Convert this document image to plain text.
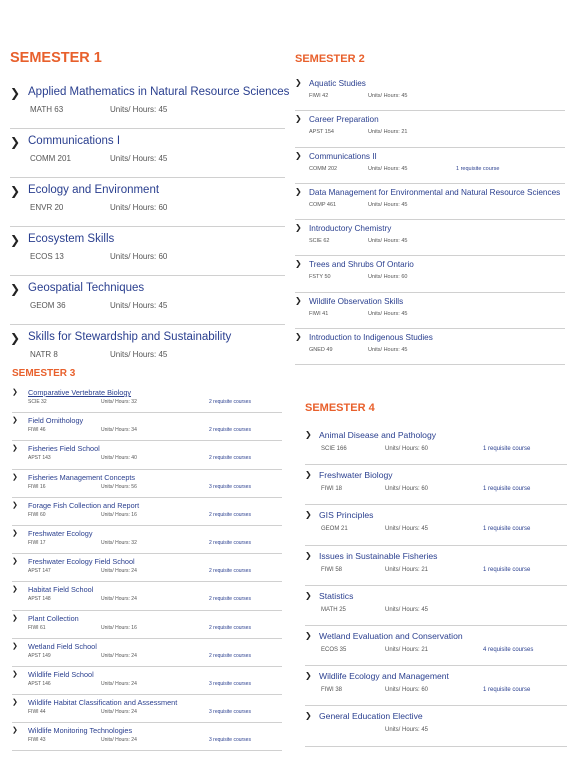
SEMESTER 1
❯ Applied Mathematics in Natural Resource Sciences
MATH 63	Units/ Hours: 45
❯ Communications I
COMM 201	Units/ Hours: 45
❯ Ecology and Environment
ENVR 20	Units/ Hours: 60
❯ Ecosystem Skills
ECOS 13	Units/ Hours: 60
❯ Geospatial Techniques
GEOM 36	Units/ Hours: 45
❯ Skills for Stewardship and Sustainability
NATR 8	Units/ Hours: 45
SEMESTER 2
❯ Aquatic Studies
FIWI 42	Units/ Hours: 45
❯ Career Preparation
APST 154	Units/ Hours: 21
❯ Communications II
COMM 202	Units/ Hours: 45	1 requisite course
❯ Data Management for Environmental and Natural Resource Sciences
COMP 461	Units/ Hours: 45
❯ Introductory Chemistry
SCIE 62	Units/ Hours: 45
❯ Trees and Shrubs Of Ontario
FSTY 50	Units/ Hours: 60
❯ Wildlife Observation Skills
FIWI 41	Units/ Hours: 45
❯ Introduction to Indigenous Studies
GNED 49	Units/ Hours: 45
SEMESTER 3
❯ Comparative Vertebrate Biology
SCIE 32	Units/ Hours: 32	2 requisite courses
❯ Field Ornithology
FIWI 46	Units/ Hours: 34	2 requisite courses
❯ Fisheries Field School
APST 143	Units/ Hours: 40	2 requisite courses
❯ Fisheries Management Concepts
FIWI 16	Units/ Hours: 56	3 requisite courses
❯ Forage Fish Collection and Report
FIWI 60	Units/ Hours: 16	2 requisite courses
❯ Freshwater Ecology
FIWI 17	Units/ Hours: 32	2 requisite courses
❯ Freshwater Ecology Field School
APST 147	Units/ Hours: 24	2 requisite courses
❯ Habitat Field School
APST 148	Units/ Hours: 24	2 requisite courses
❯ Plant Collection
FIWI 61	Units/ Hours: 16	2 requisite courses
❯ Wetland Field School
APST 149	Units/ Hours: 24	2 requisite courses
❯ Wildlife Field School
APST 146	Units/ Hours: 24	3 requisite courses
❯ Wildlife Habitat Classification and Assessment
FIWI 44	Units/ Hours: 24	3 requisite courses
❯ Wildlife Monitoring Technologies
FIWI 43	Units/ Hours: 24	3 requisite courses
SEMESTER 4
❯ Animal Disease and Pathology
SCIE 166	Units/ Hours: 60	1 requisite course
❯ Freshwater Biology
FIWI 18	Units/ Hours: 60	1 requisite course
❯ GIS Principles
GEOM 21	Units/ Hours: 45	1 requisite course
❯ Issues in Sustainable Fisheries
FIWI 58	Units/ Hours: 21	1 requisite course
❯ Statistics
MATH 25	Units/ Hours: 45
❯ Wetland Evaluation and Conservation
ECOS 35	Units/ Hours: 21	4 requisite courses
❯ Wildlife Ecology and Management
FIWI 38	Units/ Hours: 60	1 requisite course
❯ General Education Elective
Units/ Hours: 45
